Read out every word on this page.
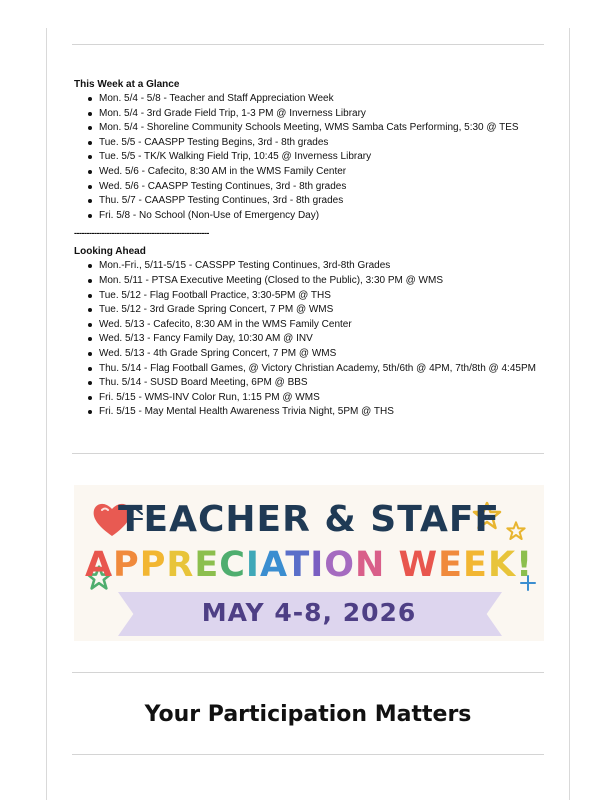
This Week at a Glance
Mon. 5/4 - 5/8 - Teacher and Staff Appreciation Week
Mon. 5/4 - 3rd Grade Field Trip, 1-3 PM @ Inverness Library
Mon. 5/4 - Shoreline Community Schools Meeting, WMS Samba Cats Performing, 5:30 @ TES
Tue. 5/5 - CAASPP Testing Begins, 3rd - 8th grades
Tue. 5/5 - TK/K Walking Field Trip, 10:45 @ Inverness Library
Wed. 5/6 - Cafecito, 8:30 AM in the WMS Family Center
Wed. 5/6 - CAASPP Testing Continues, 3rd - 8th grades
Thu. 5/7 - CAASPP Testing Continues, 3rd - 8th grades
Fri. 5/8 - No School (Non-Use of Emergency Day)
------------------------------------------------------
Looking Ahead
Mon.-Fri., 5/11-5/15 - CASSPP Testing Continues, 3rd-8th Grades
Mon. 5/11 - PTSA Executive Meeting (Closed to the Public), 3:30 PM @ WMS
Tue. 5/12 - Flag Football Practice, 3:30-5PM @ THS
Tue. 5/12 - 3rd Grade Spring Concert, 7 PM @ WMS
Wed. 5/13 - Cafecito, 8:30 AM in the WMS Family Center
Wed. 5/13 - Fancy Family Day, 10:30 AM @ INV
Wed. 5/13 - 4th Grade Spring Concert, 7 PM @ WMS
Thu. 5/14 - Flag Football Games, @ Victory Christian Academy, 5th/6th @ 4PM, 7th/8th @ 4:45PM
Thu. 5/14 - SUSD Board Meeting, 6PM @ BBS
Fri. 5/15 - WMS-INV Color Run, 1:15 PM @ WMS
Fri. 5/15 - May Mental Health Awareness Trivia Night, 5PM @ THS
TEACHER & STAFF
APPRECIATION WEEK!
MAY 4-8, 2026
Your Participation Matters
